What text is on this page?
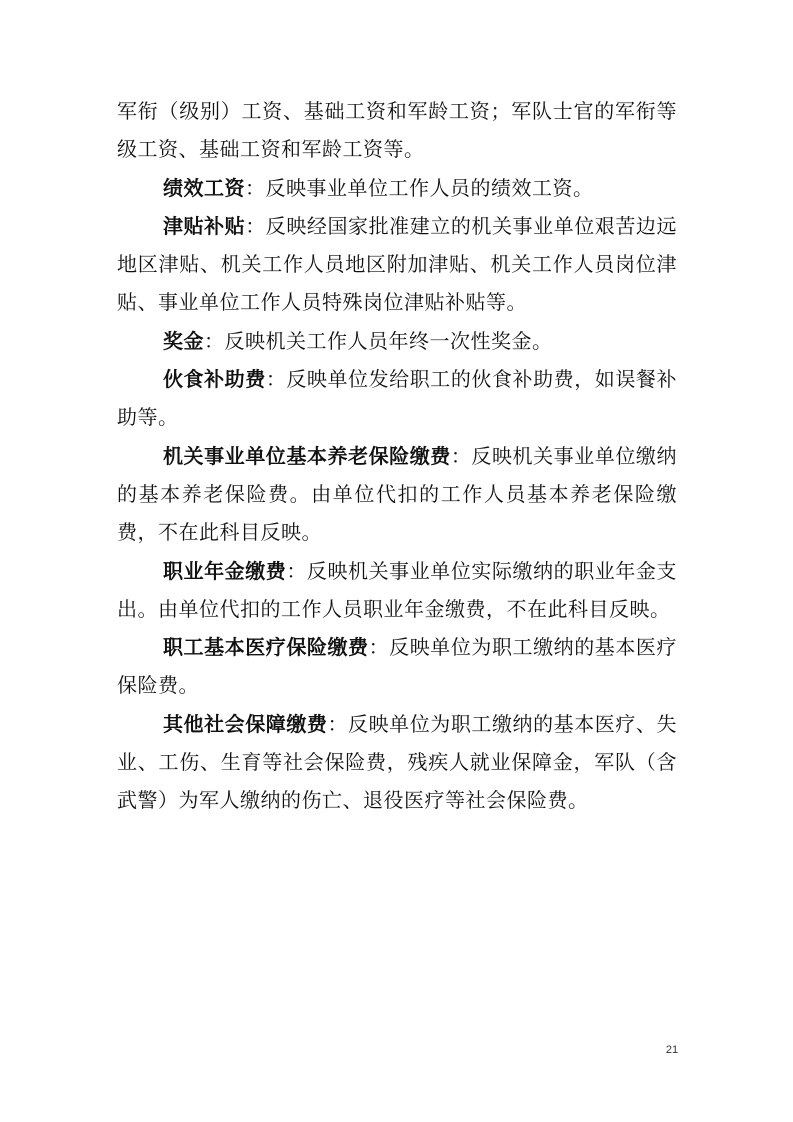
军衔（级别）工资、基础工资和军龄工资；军队士官的军衔等级工资、基础工资和军龄工资等。

绩效工资：反映事业单位工作人员的绩效工资。

津贴补贴：反映经国家批准建立的机关事业单位艰苦边远地区津贴、机关工作人员地区附加津贴、机关工作人员岗位津贴、事业单位工作人员特殊岗位津贴补贴等。

奖金：反映机关工作人员年终一次性奖金。

伙食补助费：反映单位发给职工的伙食补助费，如误餐补助等。

机关事业单位基本养老保险缴费：反映机关事业单位缴纳的基本养老保险费。由单位代扣的工作人员基本养老保险缴费，不在此科目反映。

职业年金缴费：反映机关事业单位实际缴纳的职业年金支出。由单位代扣的工作人员职业年金缴费，不在此科目反映。

职工基本医疗保险缴费：反映单位为职工缴纳的基本医疗保险费。

其他社会保障缴费：反映单位为职工缴纳的基本医疗、失业、工伤、生育等社会保险费，残疾人就业保障金，军队（含武警）为军人缴纳的伤亡、退役医疗等社会保险费。

21
